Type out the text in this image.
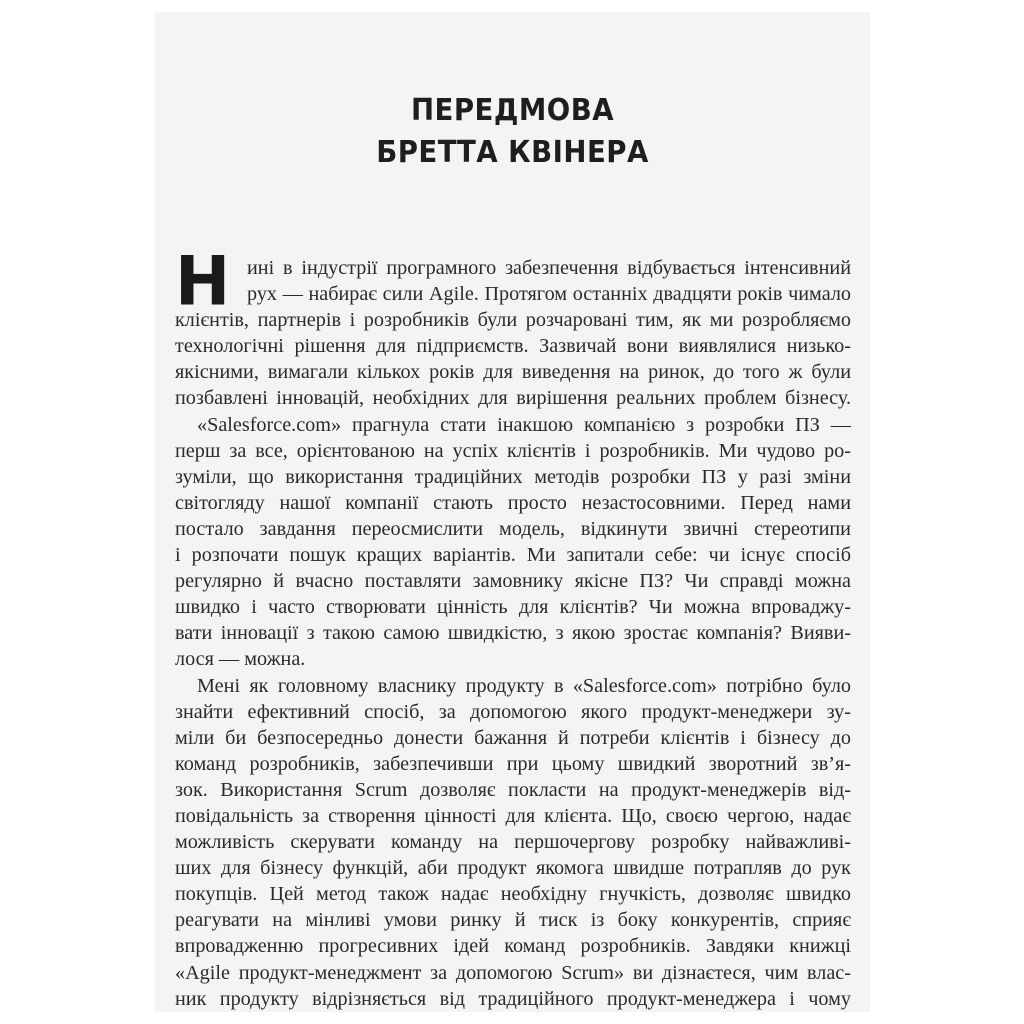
ПЕРЕДМОВА
БРЕТТА КВІНЕРА
Н ині в індустрії програмного забезпечення відбувається інтенсивний
рух — набирає сили Agile. Протягом останніх двадцяти років чимало
клієнтів, партнерів і розробників були розчаровані тим, як ми розробляємо
технологічні рішення для підприємств. Зазвичай вони виявлялися низько-
якісними, вимагали кількох років для виведення на ринок, до того ж були
позбавлені інновацій, необхідних для вирішення реальних проблем бізнесу.
«Salesforce.com» прагнула стати інакшою компанією з розробки ПЗ —
перш за все, орієнтованою на успіх клієнтів і розробників. Ми чудово ро-
зуміли, що використання традиційних методів розробки ПЗ у разі зміни
світогляду нашої компанії стають просто незастосовними. Перед нами
постало завдання переосмислити модель, відкинути звичні стереотипи
і розпочати пошук кращих варіантів. Ми запитали себе: чи існує спосіб
регулярно й вчасно поставляти замовнику якісне ПЗ? Чи справді можна
швидко і часто створювати цінність для клієнтів? Чи можна впроваджу-
вати інновації з такою самою швидкістю, з якою зростає компанія? Вияви-
лося — можна.
Мені як головному власнику продукту в «Salesforce.com» потрібно було
знайти ефективний спосіб, за допомогою якого продукт-менеджери зу-
міли би безпосередньо донести бажання й потреби клієнтів і бізнесу до
команд розробників, забезпечивши при цьому швидкий зворотний зв’я-
зок. Використання Scrum дозволяє покласти на продукт-менеджерів від-
повідальність за створення цінності для клієнта. Що, своєю чергою, надає
можливість скерувати команду на першочергову розробку найважливі-
ших для бізнесу функцій, аби продукт якомога швидше потрапляв до рук
покупців. Цей метод також надає необхідну гнучкість, дозволяє швидко
реагувати на мінливі умови ринку й тиск із боку конкурентів, сприяє
впровадженню прогресивних ідей команд розробників. Завдяки книжці
«Agile продукт-менеджмент за допомогою Scrum» ви дізнаєтеся, чим влас-
ник продукту відрізняється від традиційного продукт-менеджера і чому
